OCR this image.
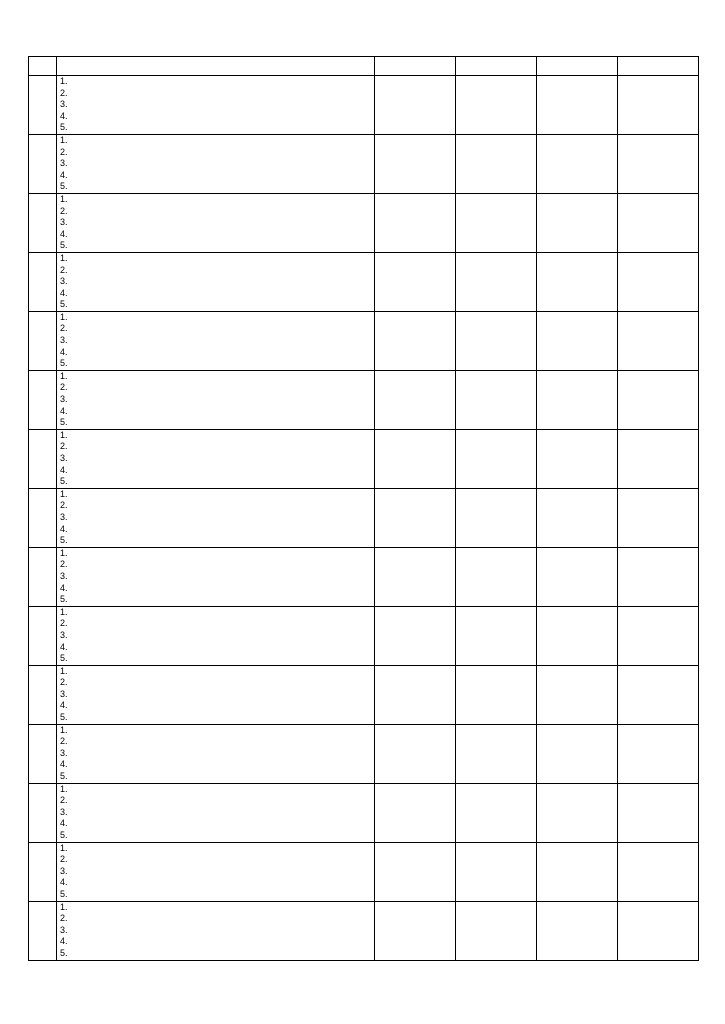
	1.
2.
3.
4.
5.				

	1.
2.
3.
4.
5.				

	1.
2.
3.
4.
5.				

	1.
2.
3.
4.
5.				

	1.
2.
3.
4.
5.				

	1.
2.
3.
4.
5.				

	1.
2.
3.
4.
5.				

	1.
2.
3.
4.
5.				

	1.
2.
3.
4.
5.				

	1.
2.
3.
4.
5.				

	1.
2.
3.
4.
5.				

	1.
2.
3.
4.
5.				

	1.
2.
3.
4.
5.				

	1.
2.
3.
4.
5.				

	1.
2.
3.
4.
5.				
